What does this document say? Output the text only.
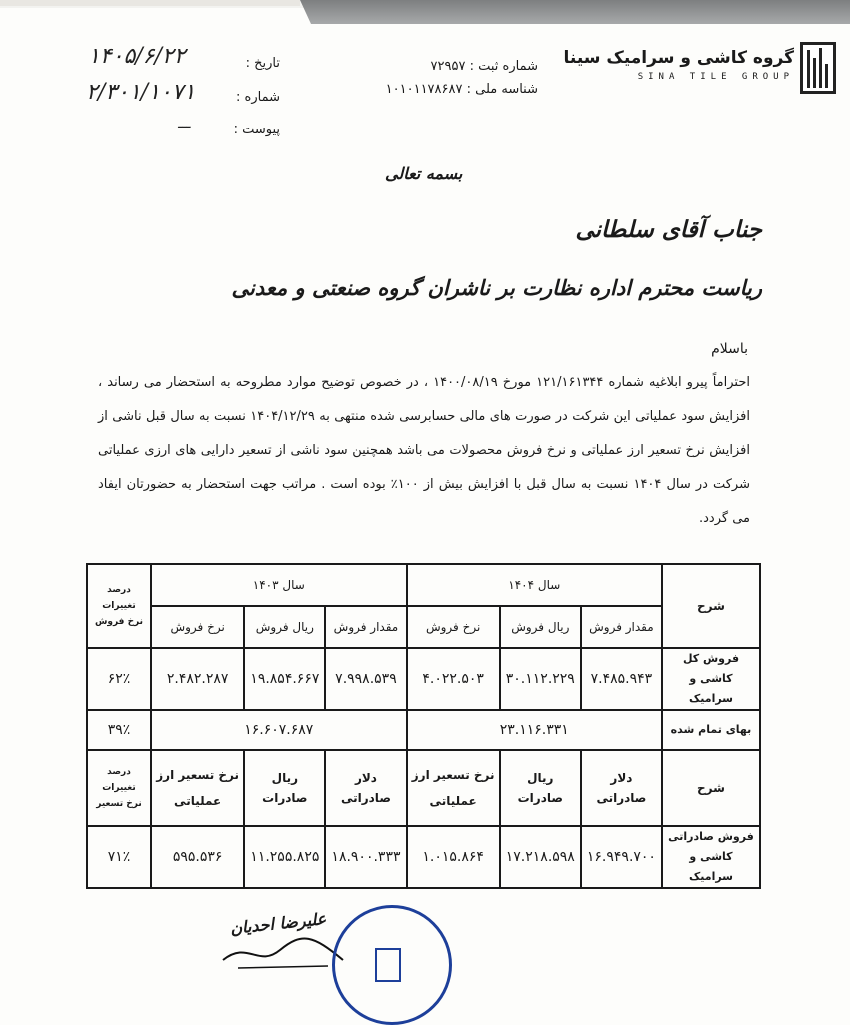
گروه کاشی و سرامیک سینا
SINA TILE GROUP
شماره ثبت : ۷۲۹۵۷
شناسه ملی : ۱۰۱۰۱۱۷۸۶۸۷
تاریخ :
۱۴۰۵/۶/۲۲
شماره :
۲/۳۰۱/۱۰۷۱
پیوست :
ـــ
بسمه تعالی
جناب آقای سلطانی
ریاست محترم اداره نظارت بر ناشران گروه صنعتی و معدنی
باسلام
احتراماً پیرو ابلاغیه شماره ۱۲۱/۱۶۱۳۴۴ مورخ ۱۴۰۰/۰۸/۱۹ ، در خصوص توضیح موارد مطروحه به استحضار می رساند ، افزایش سود عملیاتی این شرکت در صورت های مالی حسابرسی شده منتهی به ۱۴۰۴/۱۲/۲۹ نسبت به سال قبل ناشی از افزایش نرخ تسعیر ارز عملیاتی و نرخ فروش محصولات می باشد همچنین سود ناشی از تسعیر دارایی های ارزی عملیاتی شرکت در سال ۱۴۰۴ نسبت به سال قبل با افزایش بیش از ۱۰۰٪ بوده است . مراتب جهت استحضار به حضورتان ایفاد می گردد.
شرح	سال ۱۴۰۴			سال ۱۴۰۳			درصد
تغییرات
نرخ فروش

	مقدار فروش	ریال فروش	نرخ فروش	مقدار فروش	ریال فروش	نرخ فروش	
فروش کل کاشی و سرامیک	۷.۴۸۵.۹۴۳	۳۰.۱۱۲.۲۲۹	۴.۰۲۲.۵۰۳	۷.۹۹۸.۵۳۹	۱۹.۸۵۴.۶۶۷	۲.۴۸۲.۲۸۷	۶۲٪
بهای تمام شده	۲۳.۱۱۶.۳۳۱			۱۶.۶۰۷.۶۸۷			۳۹٪
شرح	دلار صادراتی	ریال صادرات	نرخ تسعیر ارز عملیاتی	دلار صادراتی	ریال صادرات	نرخ تسعیر ارز عملیاتی	درصد
تغییرات
نرخ تسعیر

فروش صادراتی کاشی و سرامیک	۱۶.۹۴۹.۷۰۰	۱۷.۲۱۸.۵۹۸	۱.۰۱۵.۸۶۴	۱۸.۹۰۰.۳۳۳	۱۱.۲۵۵.۸۲۵	۵۹۵.۵۳۶	۷۱٪
علیرضا احدیان
